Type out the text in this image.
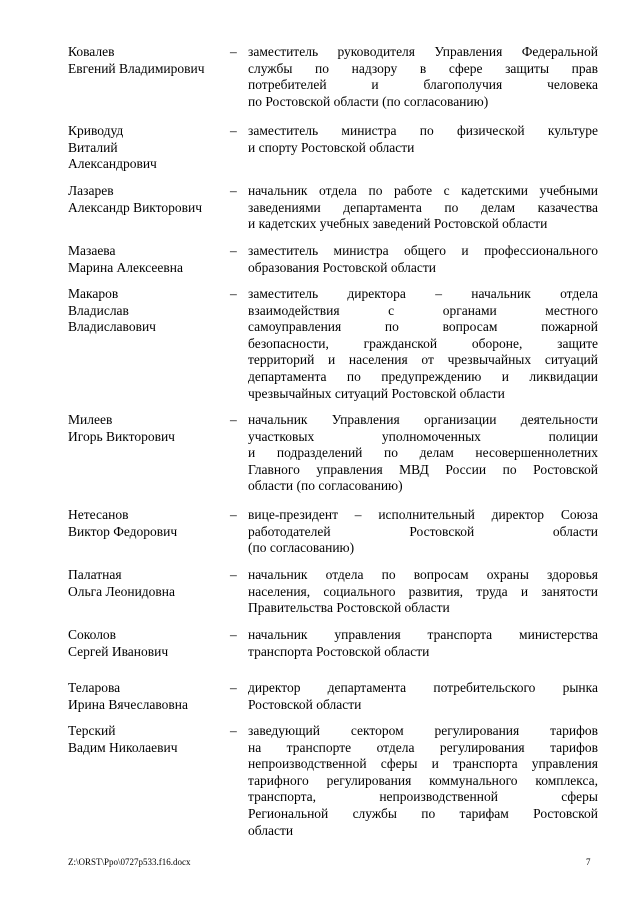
Ковалев
Евгений Владимирович
– заместитель руководителя Управления Федеральной
службы по надзору в сфере защиты прав
потребителей и благополучия человека
по Ростовской области (по согласованию)
Криводуд
Виталий
Александрович
– заместитель министра по физической культуре
и спорту Ростовской области
Лазарев
Александр Викторович
– начальник отдела по работе с кадетскими учебными
заведениями департамента по делам казачества
и кадетских учебных заведений Ростовской области
Мазаева
Марина Алексеевна
– заместитель министра общего и профессионального
образования Ростовской области
Макаров
Владислав
Владиславович
– заместитель директора – начальник отдела
взаимодействия с органами местного
самоуправления по вопросам пожарной
безопасности, гражданской обороне, защите
территорий и населения от чрезвычайных ситуаций
департамента по предупреждению и ликвидации
чрезвычайных ситуаций Ростовской области
Милеев
Игорь Викторович
– начальник Управления организации деятельности
участковых уполномоченных полиции
и подразделений по делам несовершеннолетних
Главного управления МВД России по Ростовской
области (по согласованию)
Нетесанов
Виктор Федорович
– вице-президент – исполнительный директор Союза
работодателей Ростовской области
(по согласованию)
Палатная
Ольга Леонидовна
– начальник отдела по вопросам охраны здоровья
населения, социального развития, труда и занятости
Правительства Ростовской области
Соколов
Сергей Иванович
– начальник управления транспорта министерства
транспорта Ростовской области
Теларова
Ирина Вячеславовна
– директор департамента потребительского рынка
Ростовской области
Терский
Вадим Николаевич
– заведующий сектором регулирования тарифов
на транспорте отдела регулирования тарифов
непроизводственной сферы и транспорта управления
тарифного регулирования коммунального комплекса,
транспорта, непроизводственной сферы
Региональной службы по тарифам Ростовской
области
Z:\ORST\Ppo\0727p533.f16.docx	7
